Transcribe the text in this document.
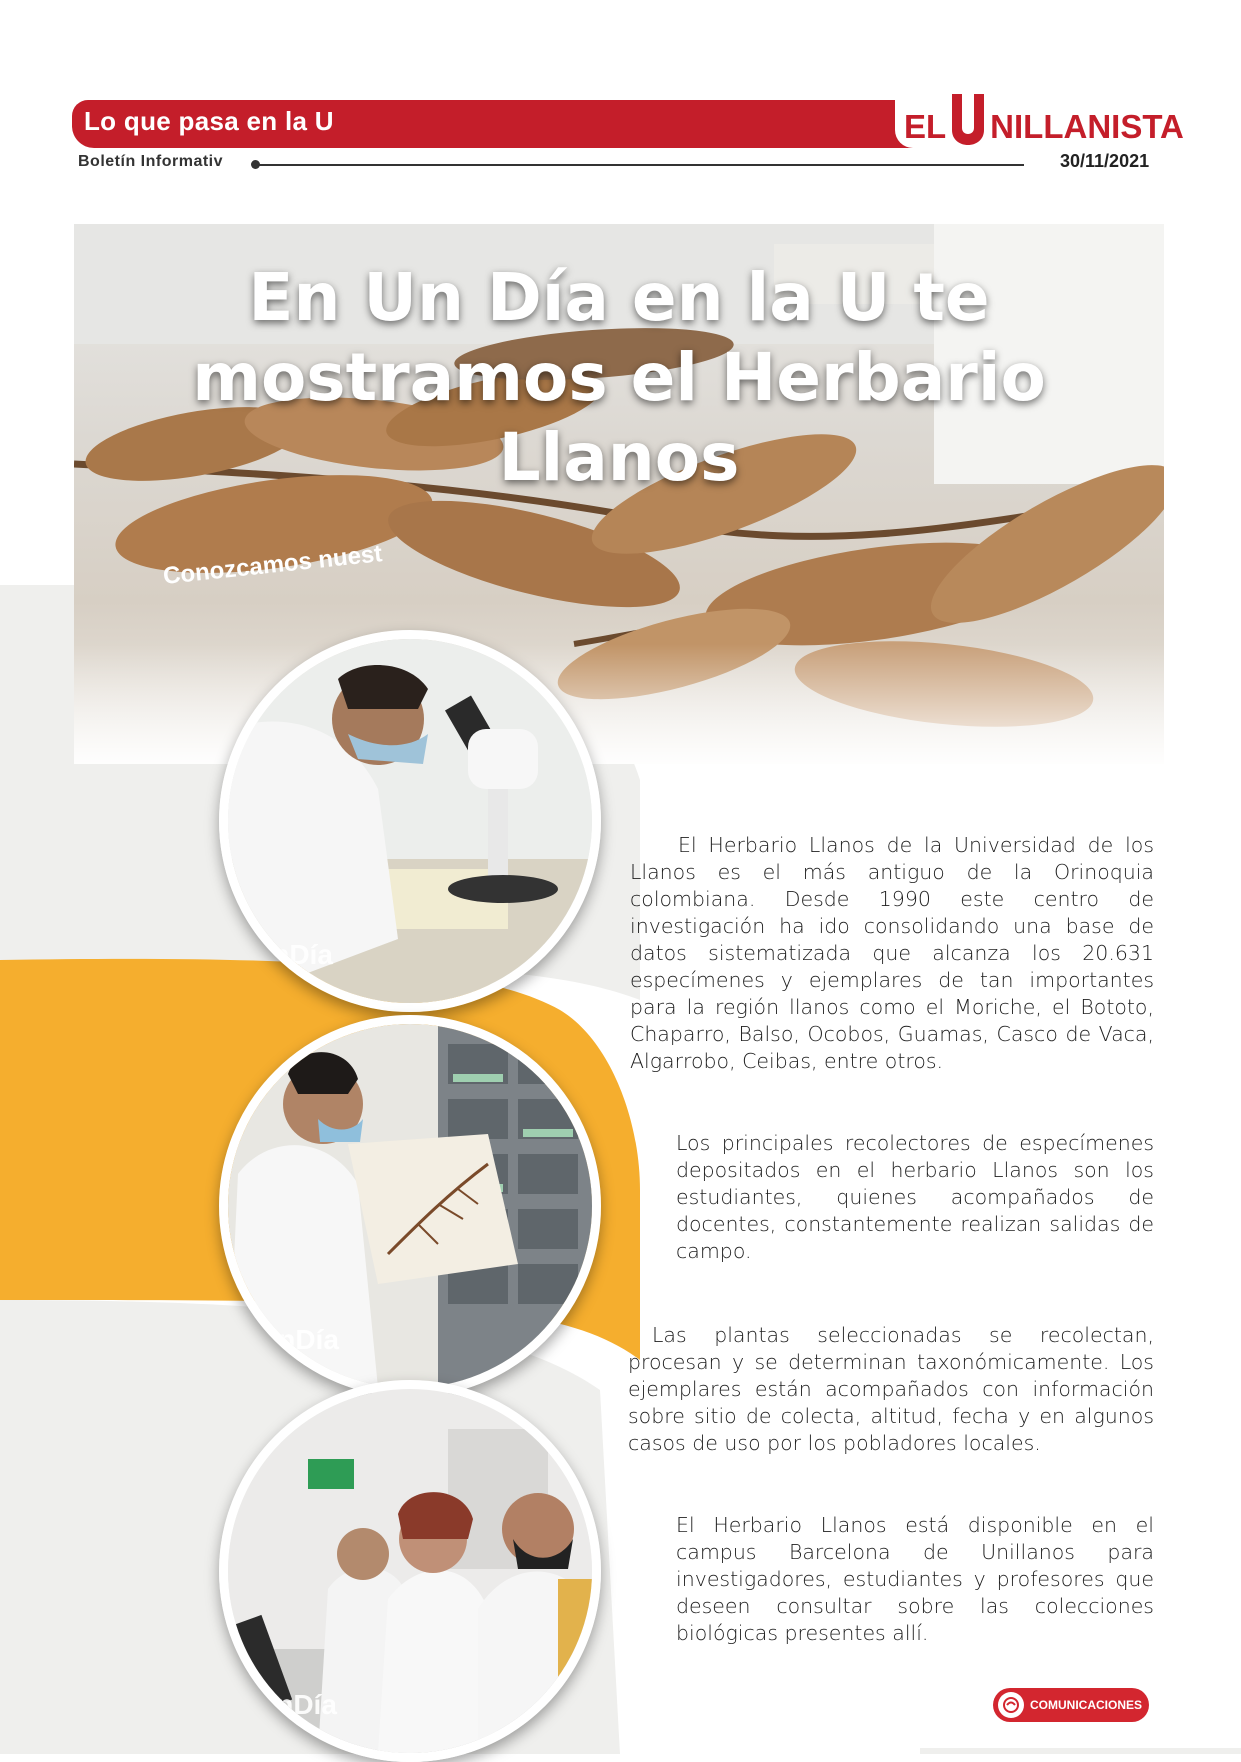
Lo que pasa en la U	EL NILLANISTA
Boletín Informativ	30/11/2021
Conozcamos nuest
En Un Día en la U te
mostramos el Herbario Llanos
UnDía
UnDía
UnDía

El Herbario Llanos de la Universidad de los Llanos es el más antiguo de la Orinoquia colombiana. Desde 1990 este centro de investigación ha ido consolidando una base de datos sistematizada que alcanza los 20.631 especímenes y ejemplares de tan importantes para la región llanos como el Moriche, el Bototo, Chaparro, Balso, Ocobos, Guamas, Casco de Vaca, Algarrobo, Ceibas, entre otros.

Los principales recolectores de especímenes depositados en el herbario Llanos son los estudiantes, quienes acompañados de docentes, constantemente realizan salidas de campo.

Las plantas seleccionadas se recolectan, procesan y se determinan taxonómicamente. Los ejemplares están acompañados con información sobre sitio de colecta, altitud, fecha y en algunos casos de uso por los pobladores locales.

El Herbario Llanos está disponible en el campus Barcelona de Unillanos para investigadores, estudiantes y profesores que deseen consultar sobre las colecciones biológicas presentes allí.

COMUNICACIONES
